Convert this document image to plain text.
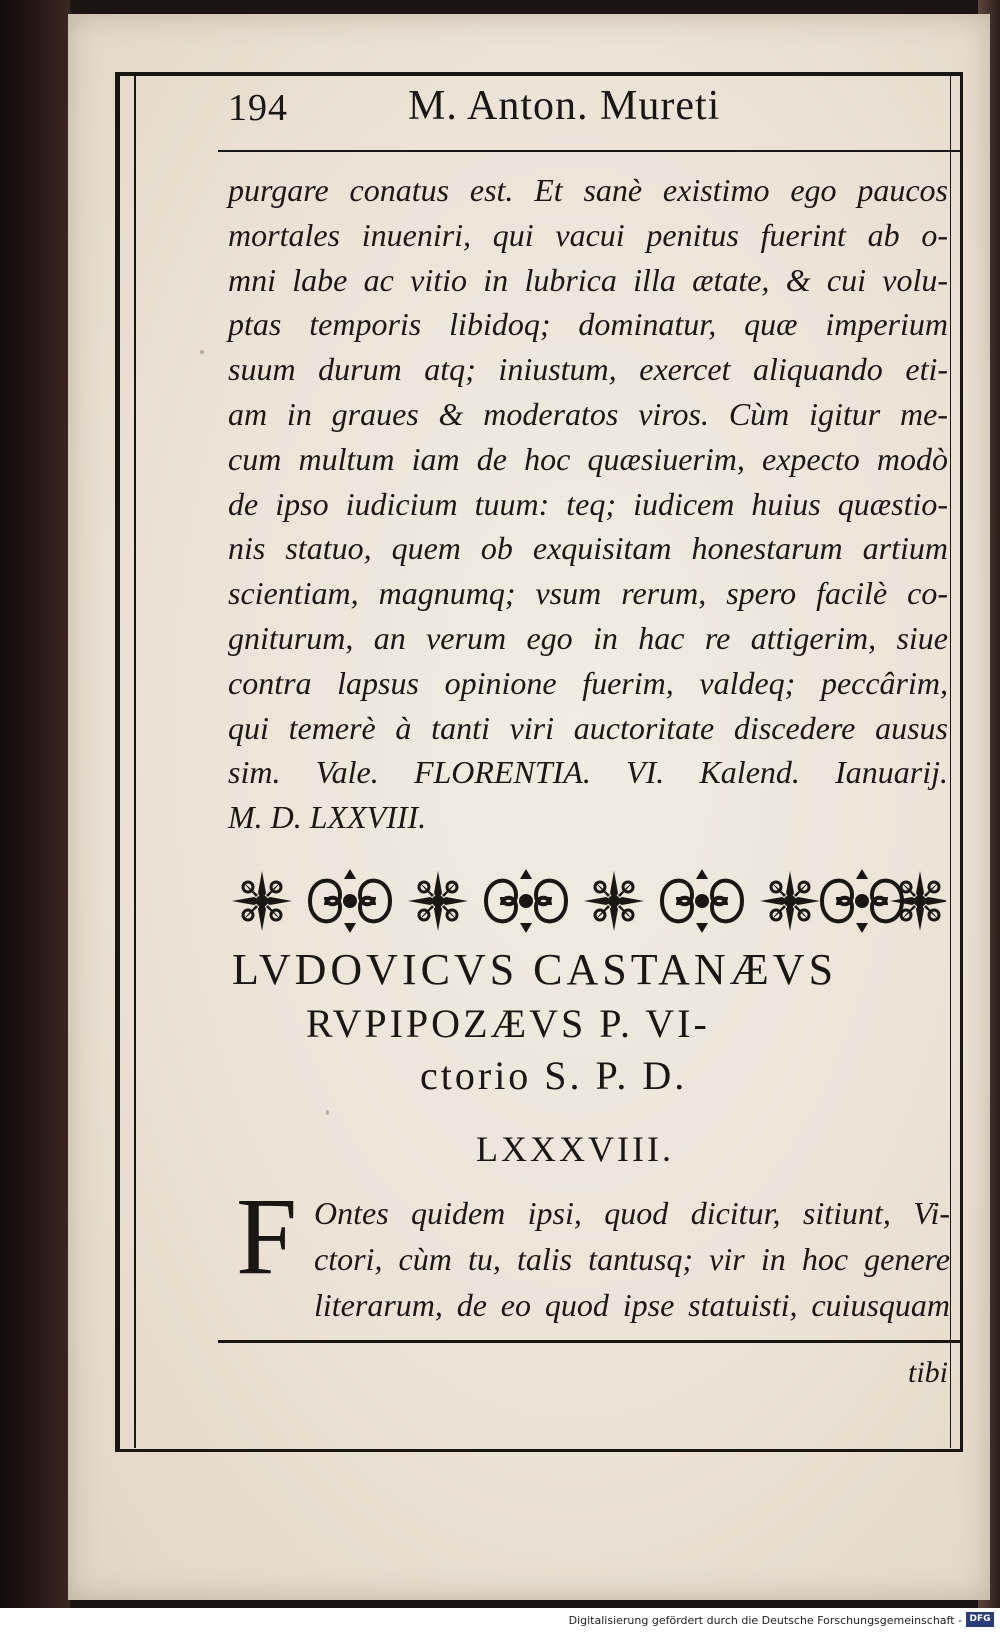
194	M. Anton. Mureti
purgare conatus est. Et sanè existimo ego paucos
mortales inueniri, qui vacui penitus fuerint ab o-
mni labe ac vitio in lubrica illa ætate, & cui volu-
ptas temporis libidoq; dominatur, quæ imperium
suum durum atq; iniustum, exercet aliquando eti-
am in graues & moderatos viros. Cùm igitur me-
cum multum iam de hoc quæsiuerim, expecto modò
de ipso iudicium tuum: teq; iudicem huius quæstio-
nis statuo, quem ob exquisitam honestarum artium
scientiam, magnumq; vsum rerum, spero facilè co-
gniturum, an verum ego in hac re attigerim, siue
contra lapsus opinione fuerim, valdeq; peccârim,
qui temerè à tanti viri auctoritate discedere ausus
sim. Vale. FLORENTIA. VI. Kalend. Ianuarij.
M. D. LXXVIII.
LVDOVICVS CASTANÆVS
RVPIPOZÆVS P. VI-
ctorio S. P. D.
LXXXVIII.
F Ontes quidem ipsi, quod dicitur, sitiunt, Vi-
ctori, cùm tu, talis tantusq; vir in hoc genere
literarum, de eo quod ipse statuisti, cuiusquam
tibi
Digitalisierung gefördert durch die Deutsche Forschungsgemeinschaft - DFG
